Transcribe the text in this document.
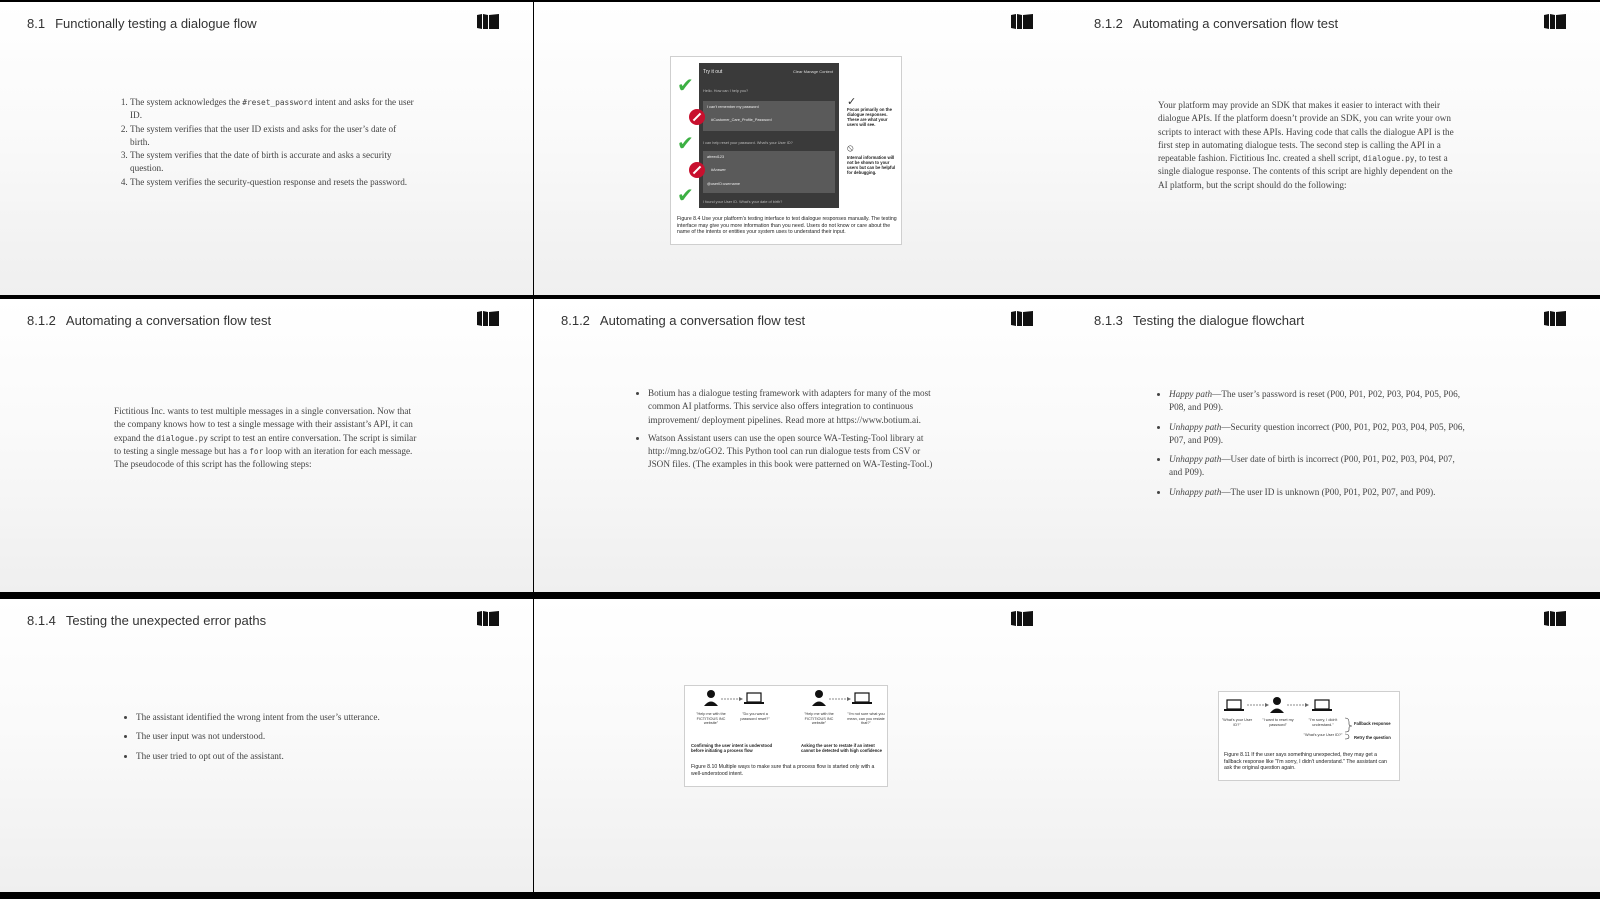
8.1 Functionally testing a dialogue flow
1. The system acknowledges the #reset_password intent and asks for the user ID.
2. The system verifies that the user ID exists and asks for the user’s date of birth.
3. The system verifies that the date of birth is accurate and asks a security question.
4. The system verifies the security-question response and resets the password.
Try it out	Clear Manage Context
Hello. How can I help you?
I can't remember my password
#Customer_Care_Profile_Password
I can help reset your password. What's your User ID?
afreed123
#Answer
@userID:username
I found your User ID. What's your date of birth?
✔
✔
✔
✓
Focus primarily on the dialogue responses. These are what your users will see.
⦸
Internal information will not be shown to your users but can be helpful for debugging.
Figure 8.4 Use your platform's testing interface to test dialogue responses manually. The testing interface may give you more information than you need. Users do not know or care about the name of the intents or entities your system uses to understand their input.
8.1.2 Automating a conversation flow test
Your platform may provide an SDK that makes it easier to interact with their dialogue APIs. If the platform doesn’t provide an SDK, you can write your own scripts to interact with these APIs. Having code that calls the dialogue API is the first step in automating dialogue tests. The second step is calling the API in a repeatable fashion. Fictitious Inc. created a shell script, dialogue.py, to test a single dialogue response. The contents of this script are highly dependent on the AI platform, but the script should do the following:
8.1.2 Automating a conversation flow test
Fictitious Inc. wants to test multiple messages in a single conversation. Now that the company knows how to test a single message with their assistant’s API, it can expand the dialogue.py script to test an entire conversation. The script is similar to testing a single message but has a for loop with an iteration for each message. The pseudocode of this script has the following steps:
8.1.2 Automating a conversation flow test
• Botium has a dialogue testing framework with adapters for many of the most common AI platforms. This service also offers integration to continuous improvement/ deployment pipelines. Read more at https://www.botium.ai.
• Watson Assistant users can use the open source WA-Testing-Tool library at http://mng.bz/oGO2. This Python tool can run dialogue tests from CSV or JSON files. (The examples in this book were patterned on WA-Testing-Tool.)
8.1.3 Testing the dialogue flowchart
• Happy path—The user’s password is reset (P00, P01, P02, P03, P04, P05, P06, P08, and P09).
• Unhappy path—Security question incorrect (P00, P01, P02, P03, P04, P05, P06, P07, and P09).
• Unhappy path—User date of birth is incorrect (P00, P01, P02, P03, P04, P07, and P09).
• Unhappy path—The user ID is unknown (P00, P01, P02, P07, and P09).
8.1.4 Testing the unexpected error paths
• The assistant identified the wrong intent from the user’s utterance.
• The user input was not understood.
• The user tried to opt out of the assistant.
"Help me with the FICTITIOUS INC website"
"Do you want a password reset?"
"Help me with the FICTITIOUS INC website"
"I'm not sure what you mean, can you restate that?"
Confirming the user intent is understood before initiating a process flow
Asking the user to restate if an intent cannot be detected with high confidence
Figure 8.10 Multiple ways to make sure that a process flow is started only with a well-understood intent.
"What's your User ID?"
"I want to reset my password"
"I'm sorry, I didn't understand."
"What's your User ID?"
Fallback response
Retry the question
Figure 8.11 If the user says something unexpected, they may get a fallback response like "I'm sorry, I didn't understand." The assistant can ask the original question again.
